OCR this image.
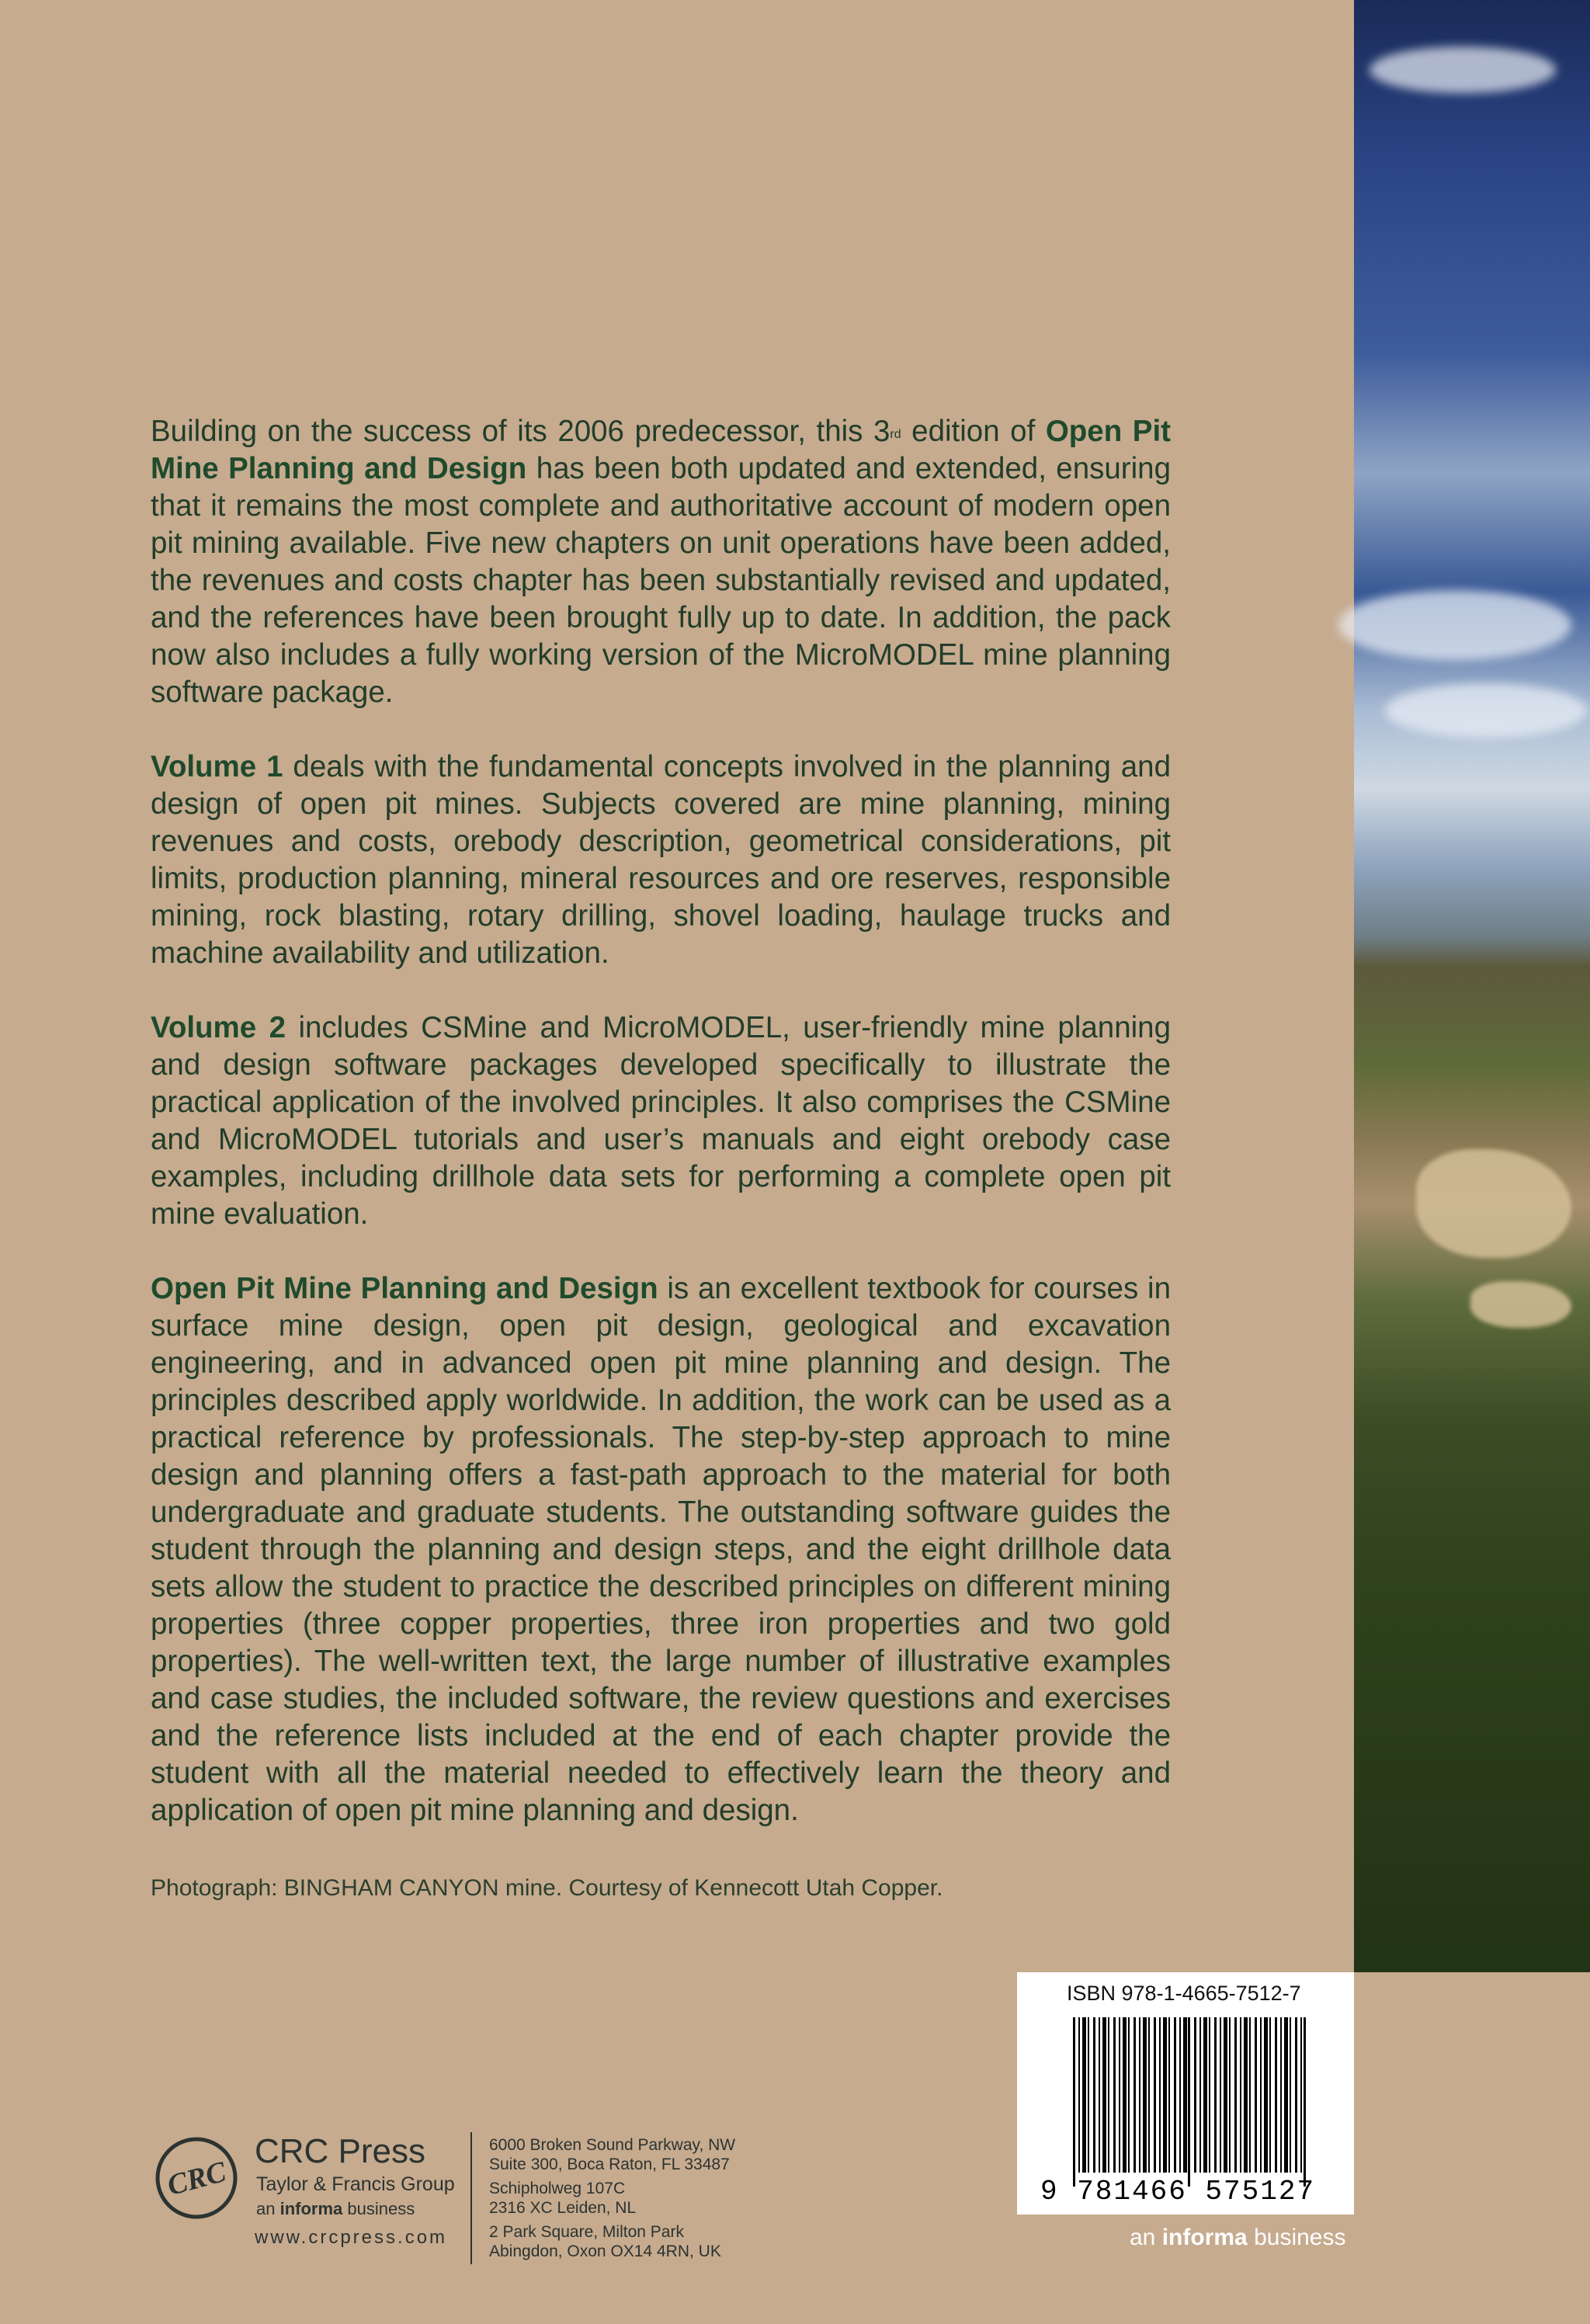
Building on the success of its 2006 predecessor, this 3rd edition of Open Pit Mine Planning and Design has been both updated and extended, ensuring that it remains the most complete and authoritative account of modern open pit mining available. Five new chapters on unit operations have been added, the revenues and costs chapter has been substantially revised and updated, and the references have been brought fully up to date. In addition, the pack now also includes a fully working version of the MicroMODEL mine planning software package.

Volume 1 deals with the fundamental concepts involved in the planning and design of open pit mines. Subjects covered are mine planning, mining revenues and costs, orebody description, geometrical considerations, pit limits, production planning, mineral resources and ore reserves, responsible mining, rock blasting, rotary drilling, shovel loading, haulage trucks and machine availability and utilization.

Volume 2 includes CSMine and MicroMODEL, user-friendly mine planning and design software packages developed specifically to illustrate the practical application of the involved principles. It also comprises the CSMine and MicroMODEL tutorials and user’s manuals and eight orebody case examples, including drillhole data sets for performing a complete open pit mine evaluation.

Open Pit Mine Planning and Design is an excellent textbook for courses in surface mine design, open pit design, geological and excavation engineering, and in advanced open pit mine planning and design. The principles described apply worldwide. In addition, the work can be used as a practical reference by professionals. The step-by-step approach to mine design and planning offers a fast-path approach to the material for both undergraduate and graduate students. The outstanding software guides the student through the planning and design steps, and the eight drillhole data sets allow the student to practice the described principles on different mining properties (three copper properties, three iron properties and two gold properties). The well-written text, the large number of illustrative examples and case studies, the included software, the review questions and exercises and the reference lists included at the end of each chapter provide the student with all the material needed to effectively learn the theory and application of open pit mine planning and design.

Photograph: BINGHAM CANYON mine. Courtesy of Kennecott Utah Copper.
ISBN 978-1-4665-7512-7
9 781466 575127
an informa business
CRC
CRC Press
Taylor & Francis Group
an informa business
www.crcpress.com
6000 Broken Sound Parkway, NW
Suite 300, Boca Raton, FL 33487
Schipholweg 107C
2316 XC Leiden, NL
2 Park Square, Milton Park
Abingdon, Oxon OX14 4RN, UK
